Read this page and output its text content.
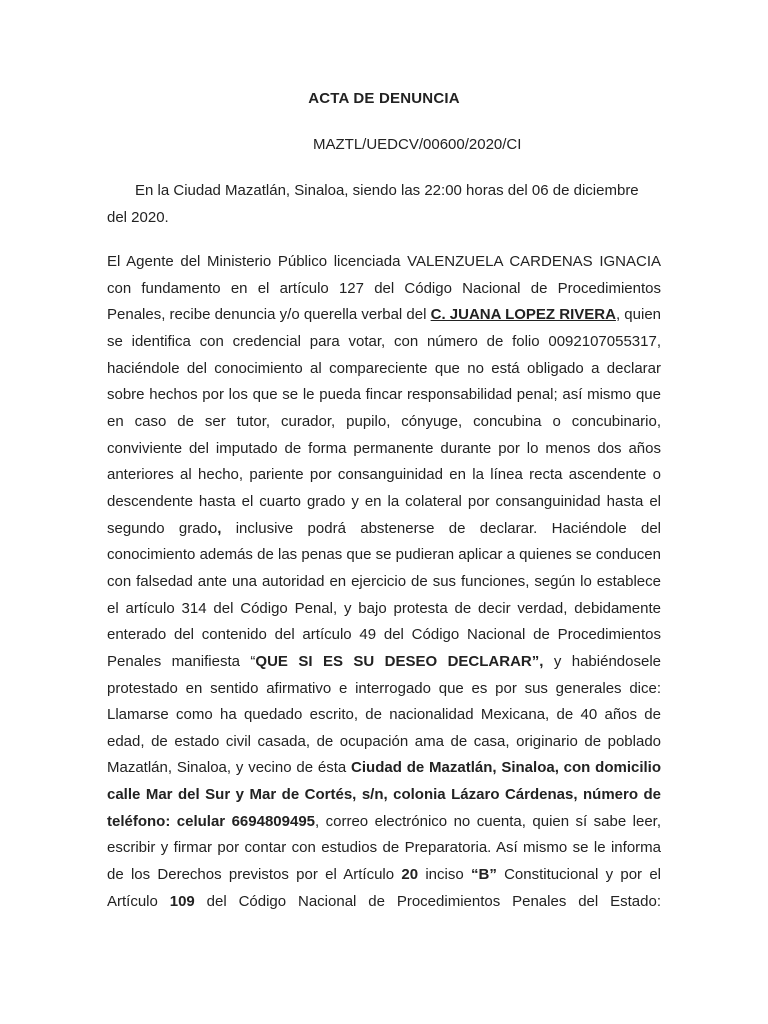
ACTA DE DENUNCIA
MAZTL/UEDCV/00600/2020/CI
En la Ciudad Mazatlán, Sinaloa, siendo las 22:00 horas del 06 de diciembre del 2020.
El Agente del Ministerio Público licenciada VALENZUELA CARDENAS IGNACIA con fundamento en el artículo 127 del Código Nacional de Procedimientos Penales, recibe denuncia y/o querella verbal del C. JUANA LOPEZ RIVERA, quien se identifica con credencial para votar, con número de folio 0092107055317, haciéndole del conocimiento al compareciente que no está obligado a declarar sobre hechos por los que se le pueda fincar responsabilidad penal; así mismo que en caso de ser tutor, curador, pupilo, cónyuge, concubina o concubinario, conviviente del imputado de forma permanente durante por lo menos dos años anteriores al hecho, pariente por consanguinidad en la línea recta ascendente o descendente hasta el cuarto grado y en la colateral por consanguinidad hasta el segundo grado, inclusive podrá abstenerse de declarar. Haciéndole del conocimiento además de las penas que se pudieran aplicar a quienes se conducen con falsedad ante una autoridad en ejercicio de sus funciones, según lo establece el artículo 314 del Código Penal, y bajo protesta de decir verdad, debidamente enterado del contenido del artículo 49 del Código Nacional de Procedimientos Penales manifiesta “QUE SI ES SU DESEO DECLARAR”, y habiéndosele protestado en sentido afirmativo e interrogado que es por sus generales dice: Llamarse como ha quedado escrito, de nacionalidad Mexicana, de 40 años de edad, de estado civil casada, de ocupación ama de casa, originario de poblado Mazatlán, Sinaloa, y vecino de ésta Ciudad de Mazatlán, Sinaloa, con domicilio calle Mar del Sur y Mar de Cortés, s/n, colonia Lázaro Cárdenas, número de teléfono: celular 6694809495, correo electrónico no cuenta, quien sí sabe leer, escribir y firmar por contar con estudios de Preparatoria. Así mismo se le informa de los Derechos previstos por el Artículo 20 inciso “B” Constitucional y por el Artículo 109 del Código Nacional de Procedimientos Penales del Estado:
